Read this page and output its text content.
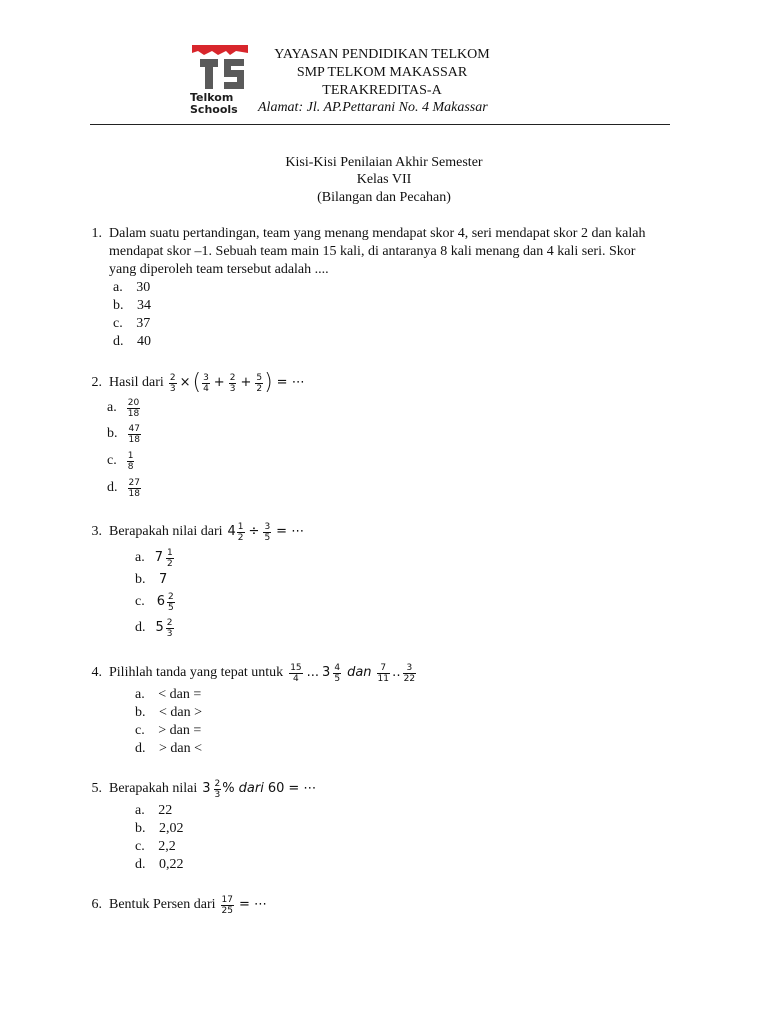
Telkom
Schools
YAYASAN PENDIDIKAN TELKOM
SMP TELKOM MAKASSAR
TERAKREDITAS-A
Alamat: Jl. AP.Pettarani No. 4 Makassar
Kisi-Kisi Penilaian Akhir Semester
Kelas VII
(Bilangan dan Pecahan)
1. Dalam suatu pertandingan, team yang menang mendapat skor 4, seri mendapat skor 2 dan kalah
mendapat skor –1. Sebuah team main 15 kali, di antaranya 8 kali menang dan 4 kali seri. Skor
yang diperoleh team tersebut adalah ....
a. 30
b. 34
c. 37
d. 40
2. Hasil dari $\frac{2}{3}$ × ( $\frac{3}{4} + \frac{2}{3} + \frac{5}{2}$ ) = ⋯
a. $\frac{20}{18}$
b. $\frac{47}{18}$
c. $\frac{1}{8}$
d. $\frac{27}{18}$
3. Berapakah nilai dari $4 \frac{1}{2} \div \frac{3}{5}$ = ⋯
a. $7 \frac{1}{2}$
b. 7
c. $6 \frac{2}{5}$
d. $5 \frac{2}{3}$
4. Pilihlah tanda yang tepat untuk $\frac{15}{4}$ ... $3 \frac{4}{5}$ dan $\frac{7}{11}$ ‥ $\frac{3}{22}$
a. < dan =
b. < dan >
c. > dan =
d. > dan <
5. Berapakah nilai $3 \frac{2}{3}$ % dari 60 = ⋯
a. 22
b. 2,02
c. 2,2
d. 0,22
6. Bentuk Persen dari $\frac{17}{25}$ = ⋯
